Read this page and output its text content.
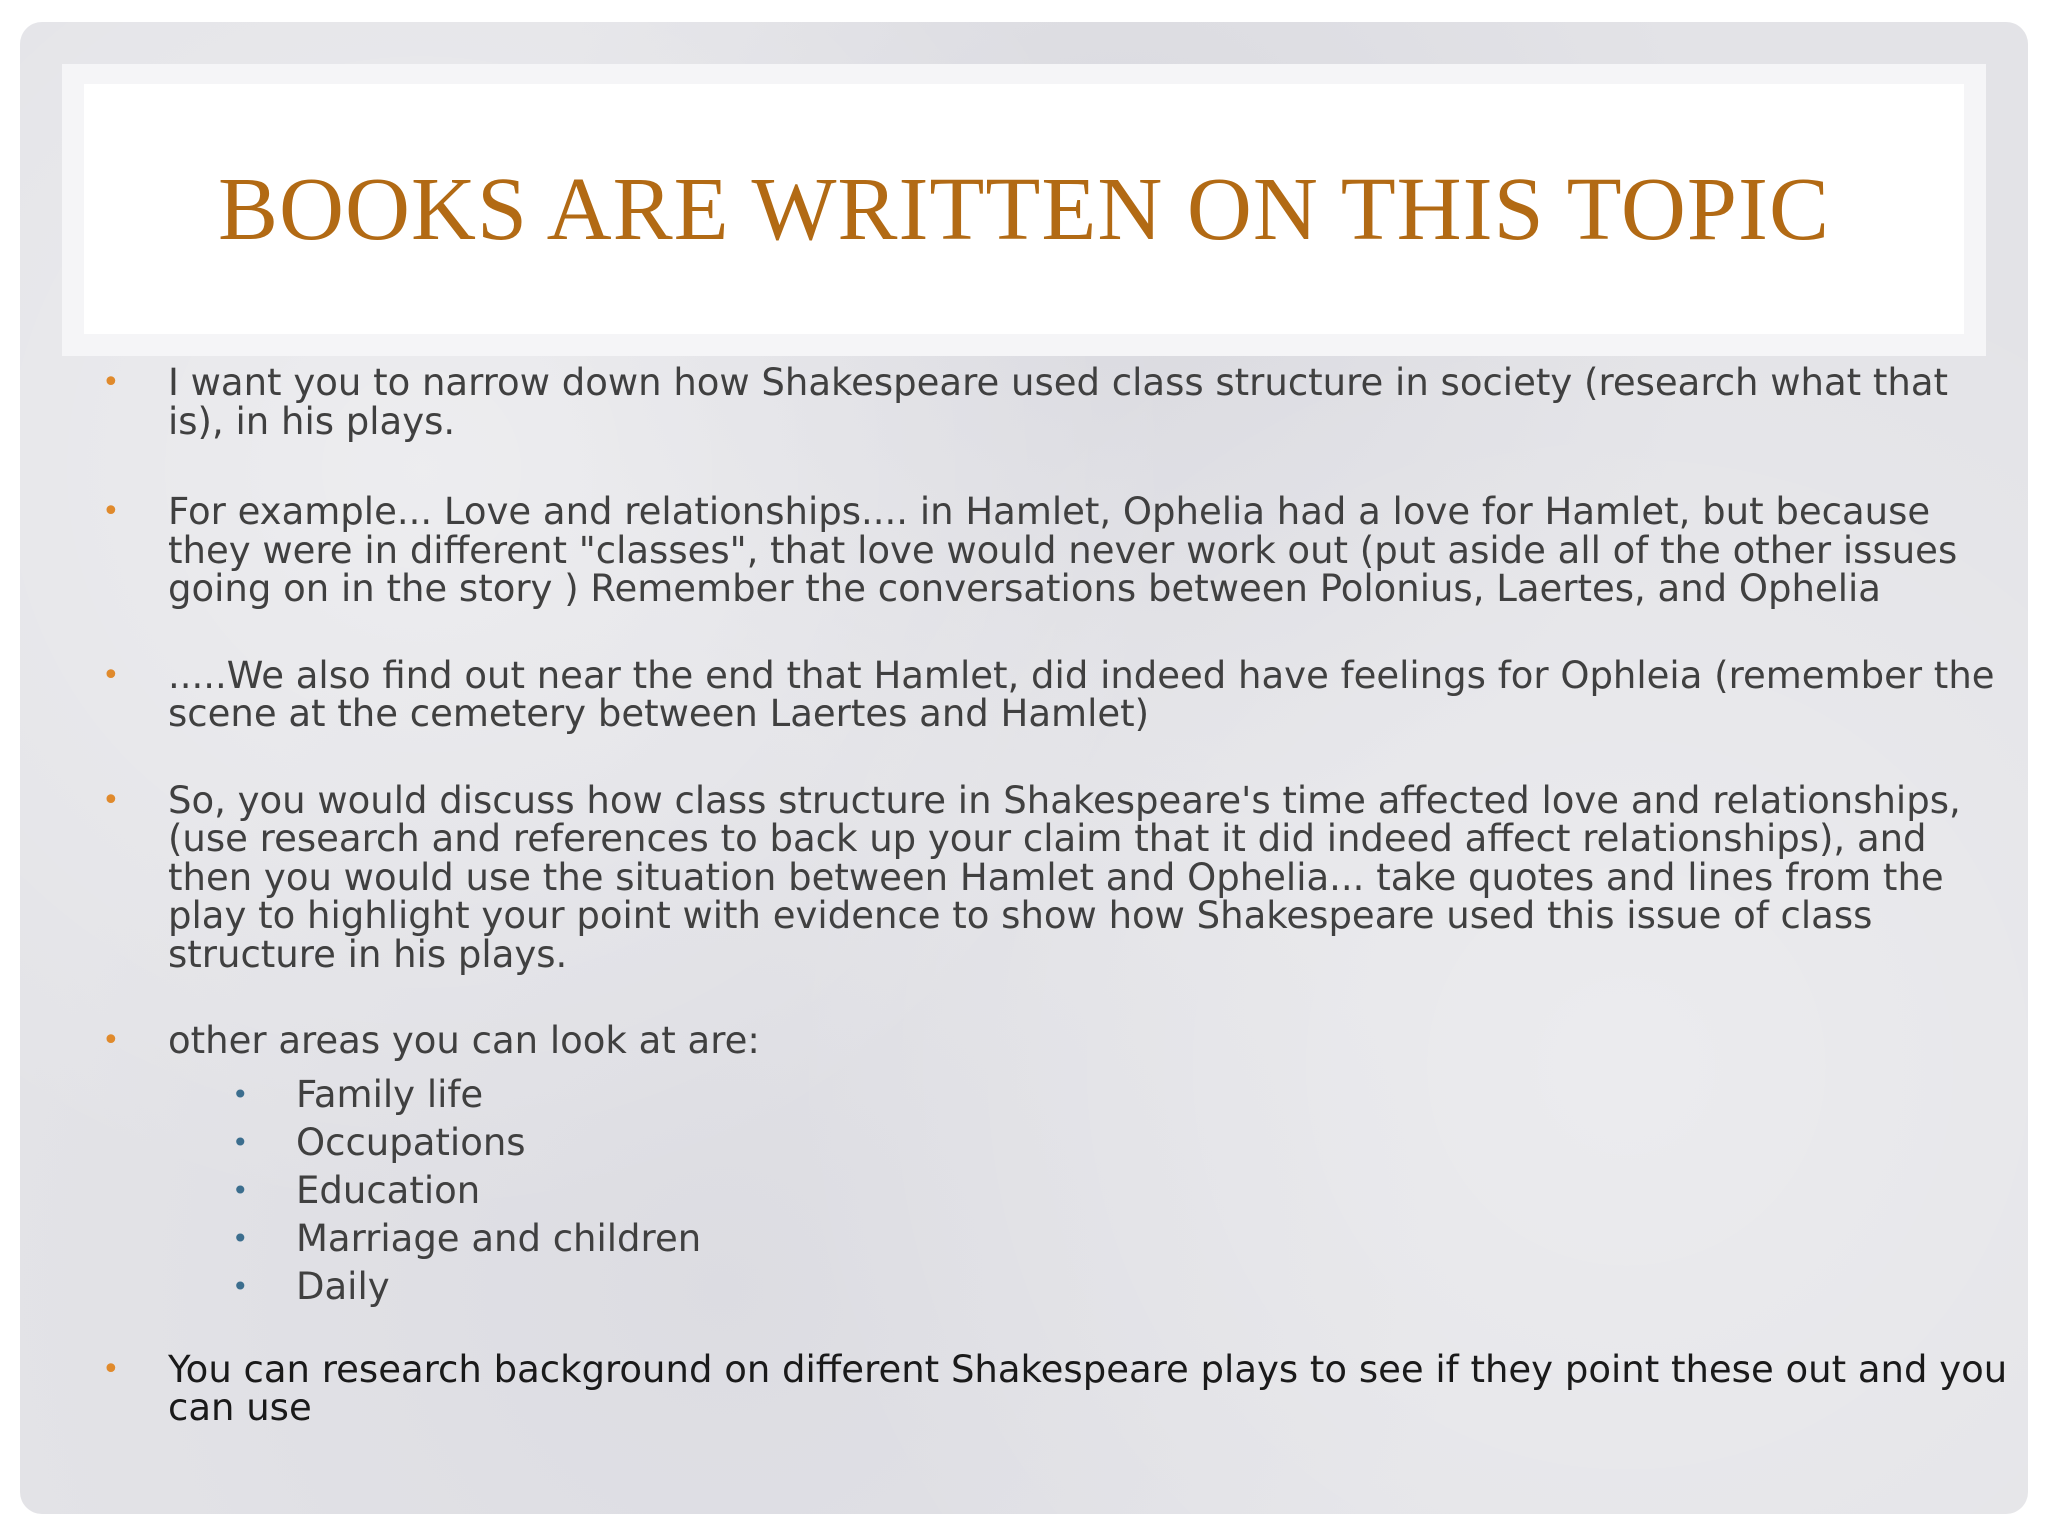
BOOKS ARE WRITTEN ON THIS TOPIC
• I want you to narrow down how Shakespeare used class structure in society (research what that is), in his plays.
• For example... Love and relationships.... in Hamlet, Ophelia had a love for Hamlet, but because they were in different "classes", that love would never work out (put aside all of the other issues going on in the story ) Remember the conversations between Polonius, Laertes, and Ophelia
• .....We also find out near the end that Hamlet, did indeed have feelings for Ophleia (remember the scene at the cemetery between Laertes and Hamlet)
• So, you would discuss how class structure in Shakespeare's time affected love and relationships, (use research and references to back up your claim that it did indeed affect relationships), and then you would use the situation between Hamlet and Ophelia... take quotes and lines from the play to highlight your point with evidence to show how Shakespeare used this issue of class structure in his plays.
• other areas you can look at are:
• Family life
• Occupations
• Education
• Marriage and children
• Daily
• You can research background on different Shakespeare plays to see if they point these out and you can use
